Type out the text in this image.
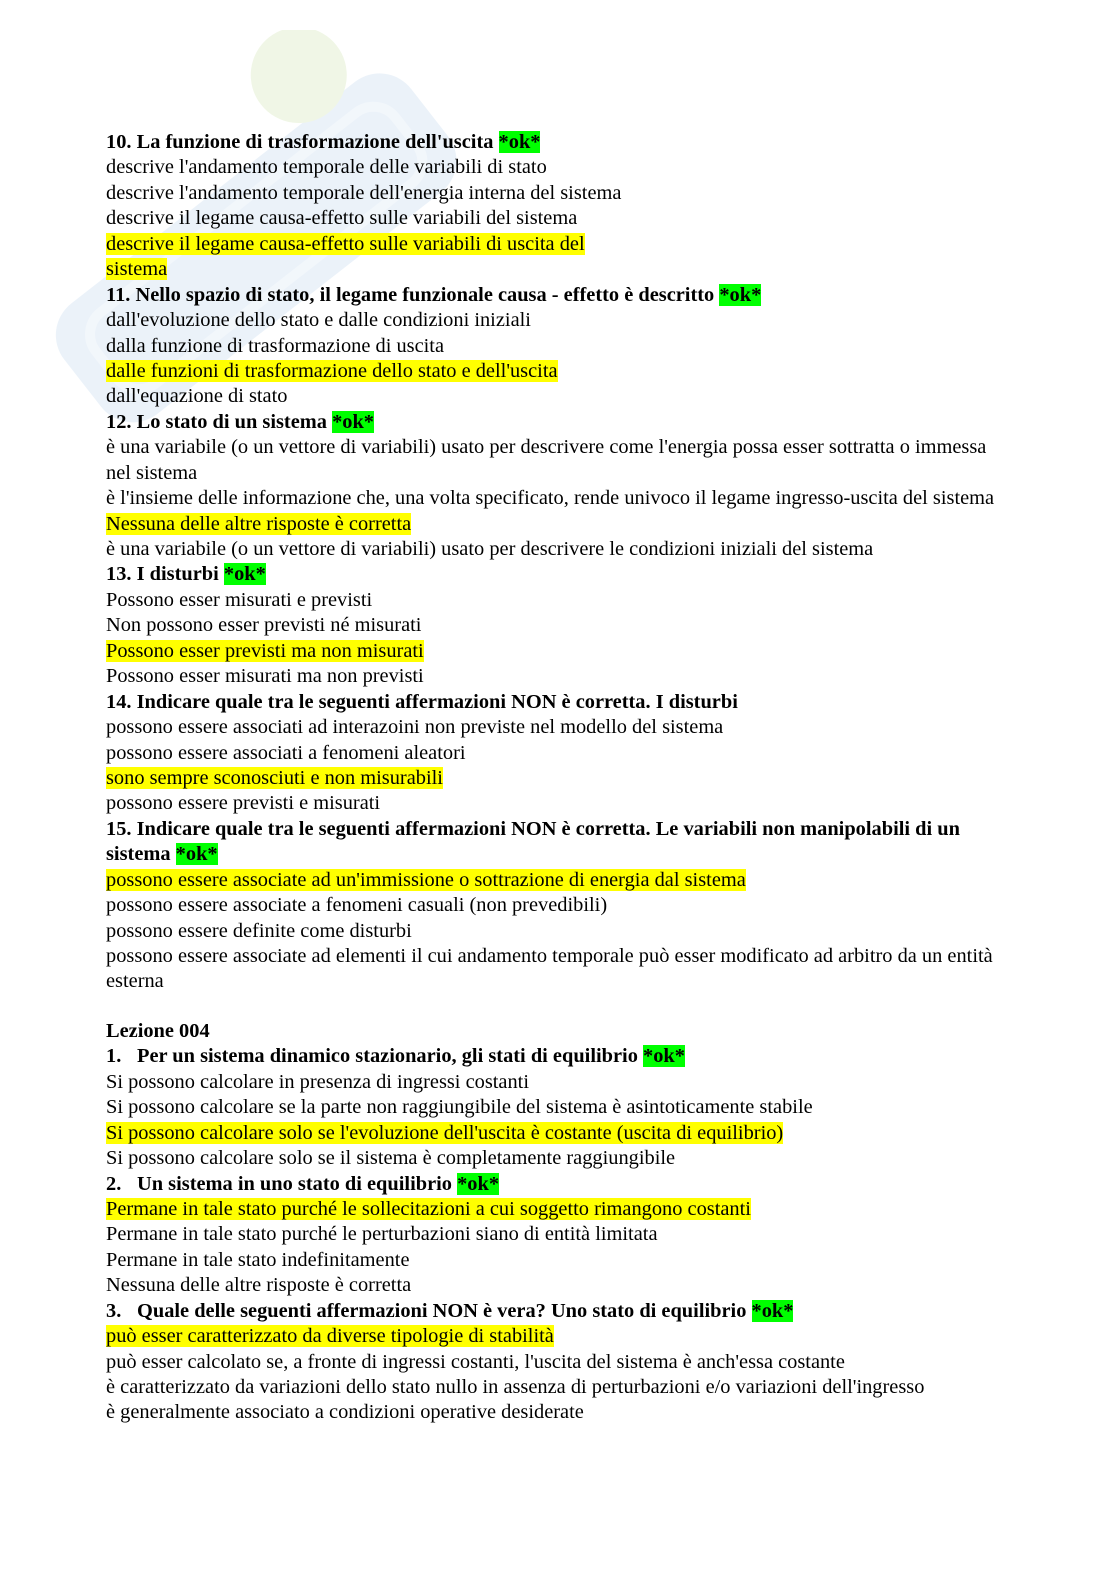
10. La funzione di trasformazione dell'uscita *ok*
descrive l'andamento temporale delle variabili di stato
descrive l'andamento temporale dell'energia interna del sistema
descrive il legame causa-effetto sulle variabili del sistema
descrive il legame causa-effetto sulle variabili di uscita del
sistema
11. Nello spazio di stato, il legame funzionale causa - effetto è descritto *ok*
dall'evoluzione dello stato e dalle condizioni iniziali
dalla funzione di trasformazione di uscita
dalle funzioni di trasformazione dello stato e dell'uscita
dall'equazione di stato
12. Lo stato di un sistema *ok*
è una variabile (o un vettore di variabili) usato per descrivere come l'energia possa esser sottratta o immessa
nel sistema
è l'insieme delle informazione che, una volta specificato, rende univoco il legame ingresso-uscita del sistema
Nessuna delle altre risposte è corretta
è una variabile (o un vettore di variabili) usato per descrivere le condizioni iniziali del sistema
13. I disturbi *ok*
Possono esser misurati e previsti
Non possono esser previsti né misurati
Possono esser previsti ma non misurati
Possono esser misurati ma non previsti
14. Indicare quale tra le seguenti affermazioni NON è corretta. I disturbi
possono essere associati ad interazoini non previste nel modello del sistema
possono essere associati a fenomeni aleatori
sono sempre sconosciuti e non misurabili
possono essere previsti e misurati
15. Indicare quale tra le seguenti affermazioni NON è corretta. Le variabili non manipolabili di un
sistema *ok*
possono essere associate ad un'immissione o sottrazione di energia dal sistema
possono essere associate a fenomeni casuali (non prevedibili)
possono essere definite come disturbi
possono essere associate ad elementi il cui andamento temporale può esser modificato ad arbitro da un entità
esterna
Lezione 004
1. Per un sistema dinamico stazionario, gli stati di equilibrio *ok*
Si possono calcolare in presenza di ingressi costanti
Si possono calcolare se la parte non raggiungibile del sistema è asintoticamente stabile
Si possono calcolare solo se l'evoluzione dell'uscita è costante (uscita di equilibrio)
Si possono calcolare solo se il sistema è completamente raggiungibile
2. Un sistema in uno stato di equilibrio *ok*
Permane in tale stato purché le sollecitazioni a cui soggetto rimangono costanti
Permane in tale stato purché le perturbazioni siano di entità limitata
Permane in tale stato indefinitamente
Nessuna delle altre risposte è corretta
3. Quale delle seguenti affermazioni NON è vera? Uno stato di equilibrio *ok*
può esser caratterizzato da diverse tipologie di stabilità
può esser calcolato se, a fronte di ingressi costanti, l'uscita del sistema è anch'essa costante
è caratterizzato da variazioni dello stato nullo in assenza di perturbazioni e/o variazioni dell'ingresso
è generalmente associato a condizioni operative desiderate
